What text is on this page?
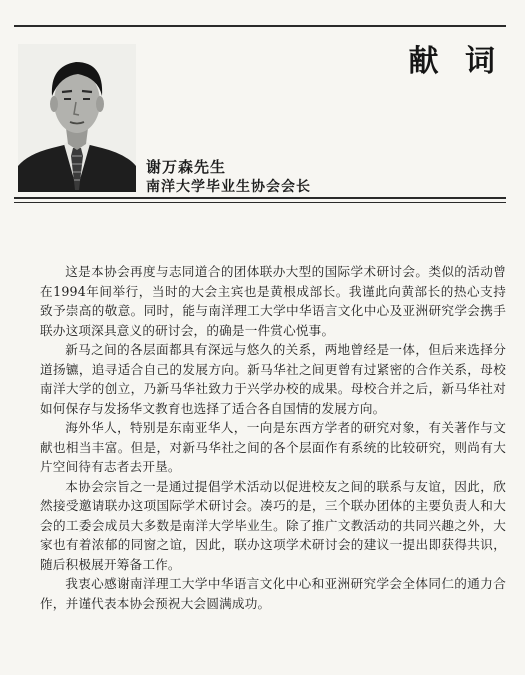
献 词
谢万森先生
南洋大学毕业生协会会长

这是本协会再度与志同道合的团体联办大型的国际学术研讨会。类似的活动曾在1994年间举行，当时的大会主宾也是黄根成部长。我谨此向黄部长的热心支持致予崇高的敬意。同时，能与南洋理工大学中华语言文化中心及亚洲研究学会携手联办这项深具意义的研讨会，的确是一件赏心悦事。

新马之间的各层面都具有深远与悠久的关系，两地曾经是一体，但后来选择分道扬镳，追寻适合自己的发展方向。新马华社之间更曾有过紧密的合作关系，母校南洋大学的创立，乃新马华社致力于兴学办校的成果。母校合并之后，新马华社对如何保存与发扬华文教育也选择了适合各自国情的发展方向。

海外华人，特别是东南亚华人，一向是东西方学者的研究对象，有关著作与文献也相当丰富。但是，对新马华社之间的各个层面作有系统的比较研究，则尚有大片空间待有志者去开垦。

本协会宗旨之一是通过提倡学术活动以促进校友之间的联系与友谊，因此，欣然接受邀请联办这项国际学术研讨会。凑巧的是，三个联办团体的主要负责人和大会的工委会成员大多数是南洋大学毕业生。除了推广文教活动的共同兴趣之外，大家也有着浓郁的同窗之谊，因此，联办这项学术研讨会的建议一提出即获得共识，随后积极展开筹备工作。

我衷心感谢南洋理工大学中华语言文化中心和亚洲研究学会全体同仁的通力合作，并谨代表本协会预祝大会圆满成功。
